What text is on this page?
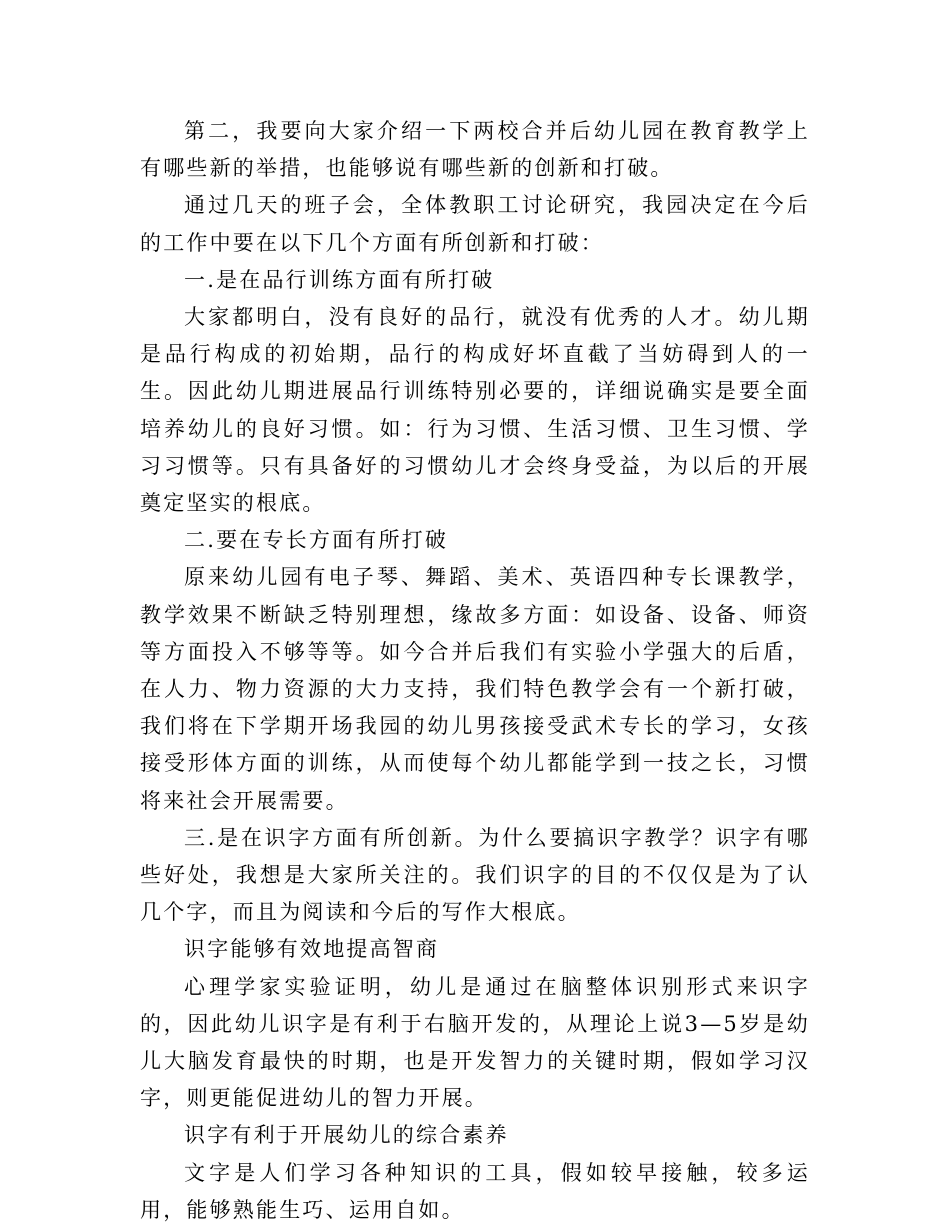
第二，我要向大家介绍一下两校合并后幼儿园在教育教学上有哪些新的举措，也能够说有哪些新的创新和打破。

通过几天的班子会，全体教职工讨论研究，我园决定在今后的工作中要在以下几个方面有所创新和打破：

一.是在品行训练方面有所打破

大家都明白，没有良好的品行，就没有优秀的人才。幼儿期是品行构成的初始期，品行的构成好坏直截了当妨碍到人的一生。因此幼儿期进展品行训练特别必要的，详细说确实是要全面培养幼儿的良好习惯。如：行为习惯、生活习惯、卫生习惯、学习习惯等。只有具备好的习惯幼儿才会终身受益，为以后的开展奠定坚实的根底。

二.要在专长方面有所打破

原来幼儿园有电子琴、舞蹈、美术、英语四种专长课教学，教学效果不断缺乏特别理想，缘故多方面：如设备、设备、师资等方面投入不够等等。如今合并后我们有实验小学强大的后盾，在人力、物力资源的大力支持，我们特色教学会有一个新打破，我们将在下学期开场我园的幼儿男孩接受武术专长的学习，女孩接受形体方面的训练，从而使每个幼儿都能学到一技之长，习惯将来社会开展需要。

三.是在识字方面有所创新。为什么要搞识字教学？识字有哪些好处，我想是大家所关注的。我们识字的目的不仅仅是为了认几个字，而且为阅读和今后的写作大根底。

识字能够有效地提高智商

心理学家实验证明，幼儿是通过在脑整体识别形式来识字的，因此幼儿识字是有利于右脑开发的，从理论上说3—5岁是幼儿大脑发育最快的时期，也是开发智力的关键时期，假如学习汉字，则更能促进幼儿的智力开展。

识字有利于开展幼儿的综合素养

文字是人们学习各种知识的工具，假如较早接触，较多运用，能够熟能生巧、运用自如。
